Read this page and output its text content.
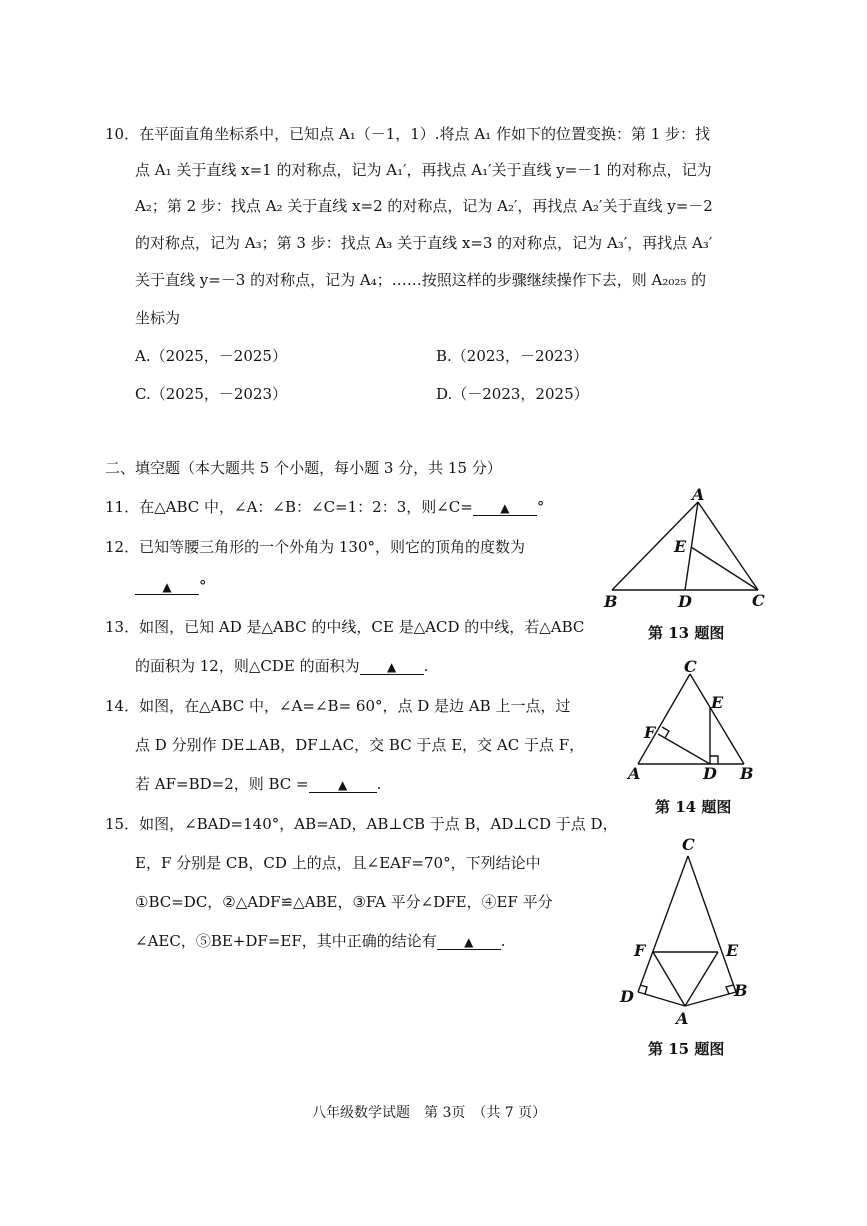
10．在平面直角坐标系中，已知点 A₁（－1，1）.将点 A₁ 作如下的位置变换：第 1 步：找
点 A₁ 关于直线 x=1 的对称点，记为 A₁′，再找点 A₁′关于直线 y=－1 的对称点，记为
A₂；第 2 步：找点 A₂ 关于直线 x=2 的对称点，记为 A₂′，再找点 A₂′关于直线 y=－2
的对称点，记为 A₃；第 3 步：找点 A₃ 关于直线 x=3 的对称点，记为 A₃′，再找点 A₃′
关于直线 y=－3 的对称点，记为 A₄；……按照这样的步骤继续操作下去，则 A₂₀₂₅ 的
坐标为
A.（2025，－2025）	B.（2023，－2023）
C.（2025，－2023）	D.（－2023，2025）
二、填空题（本大题共 5 个小题，每小题 3 分，共 15 分）
11．在△ABC 中，∠A：∠B：∠C=1：2：3，则∠C= ▲ °
12．已知等腰三角形的一个外角为 130°，则它的顶角的度数为
▲ °
13．如图，已知 AD 是△ABC 的中线，CE 是△ACD 的中线，若△ABC
的面积为 12，则△CDE 的面积为 ▲ .
14．如图，在△ABC 中，∠A=∠B= 60°，点 D 是边 AB 上一点，过
点 D 分别作 DE⊥AB，DF⊥AC，交 BC 于点 E，交 AC 于点 F，
若 AF=BD=2，则 BC = ▲ .
15．如图，∠BAD=140°，AB=AD，AB⊥CB 于点 B，AD⊥CD 于点 D，
E，F 分别是 CB，CD 上的点，且∠EAF=70°，下列结论中
①BC=DC，②△ADF≌△ABE，③FA 平分∠DFE，④EF 平分
∠AEC，⑤BE+DF=EF，其中正确的结论有 ▲ .
A
B	D	C
E
第 13 题图
C
E
F
A	D B
第 14 题图
C
F	E
D	B
A
第 15 题图
八年级数学试题　第 3页　（共 7 页）
